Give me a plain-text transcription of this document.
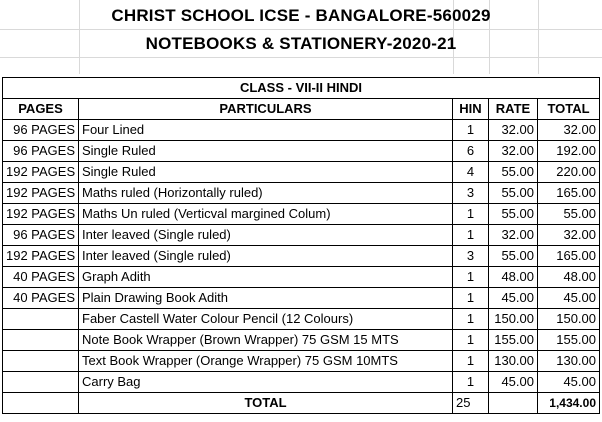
CHRIST SCHOOL ICSE - BANGALORE-560029
NOTEBOOKS & STATIONERY-2020-21
CLASS - VII-II HINDI				
PAGES	PARTICULARS	HIN	RATE	TOTAL
96 PAGES	Four Lined	1	32.00	32.00
96 PAGES	Single Ruled	6	32.00	192.00
192 PAGES	Single Ruled	4	55.00	220.00
192 PAGES	Maths ruled (Horizontally ruled)	3	55.00	165.00
192 PAGES	Maths Un ruled (Verticval margined Colum)	1	55.00	55.00
96 PAGES	Inter leaved (Single ruled)	1	32.00	32.00
192 PAGES	Inter leaved (Single ruled)	3	55.00	165.00
40 PAGES	Graph Adith	1	48.00	48.00
40 PAGES	Plain Drawing Book Adith	1	45.00	45.00
	Faber Castell Water Colour Pencil (12 Colours)	1	150.00	150.00
	Note Book Wrapper (Brown Wrapper) 75 GSM 15 MTS	1	155.00	155.00
	Text Book Wrapper (Orange Wrapper) 75 GSM 10MTS	1	130.00	130.00
	Carry Bag	1	45.00	45.00
	TOTAL	25		1,434.00
